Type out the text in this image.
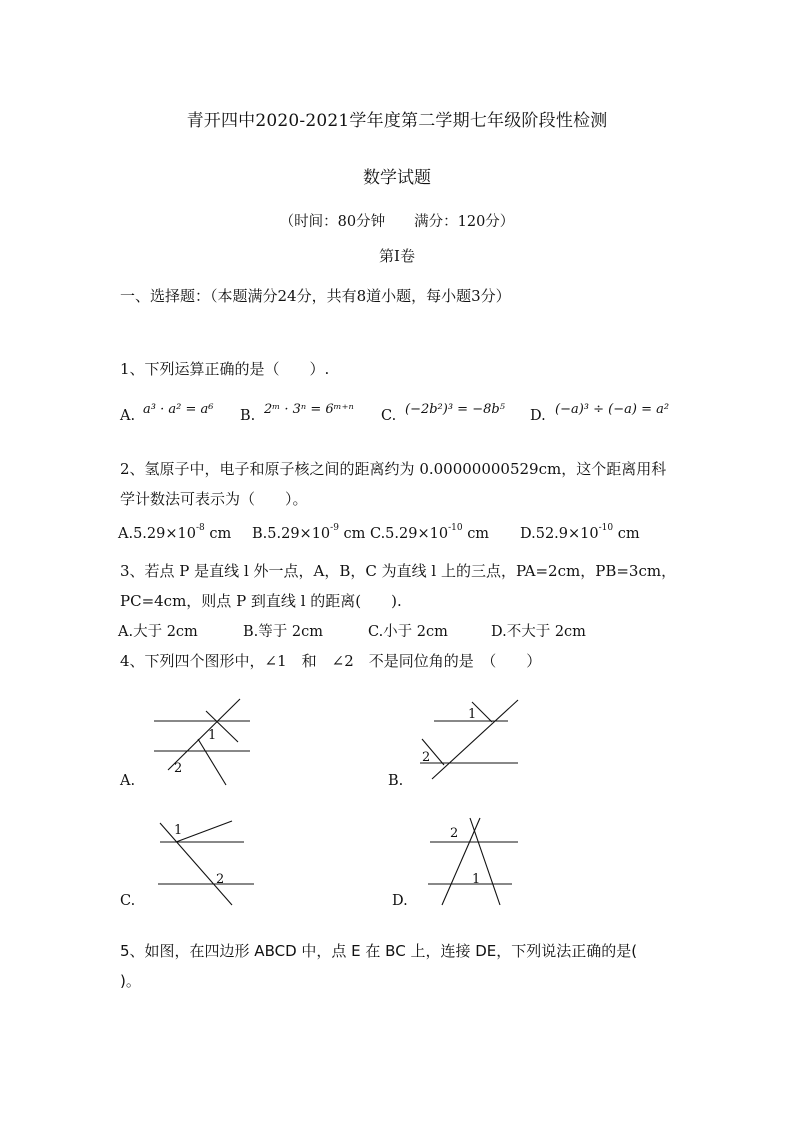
青开四中2020-2021学年度第二学期七年级阶段性检测
数学试题
（时间：80分钟　　满分：120分）
第Ⅰ卷
一、选择题：（本题满分24分，共有8道小题，每小题3分）
1、下列运算正确的是（　　）.
A. a³ · a² = a⁶ B. 2ᵐ · 3ⁿ = 6ᵐ⁺ⁿ C. (−2b²)³ = −8b⁵ D. (−a)³ ÷ (−a) = a²
2、氢原子中，电子和原子核之间的距离约为 0.00000000529cm，这个距离用科
学计数法可表示为（　　）。
$A.5.29\times 10^{-8}$ cm $B.5.29\times 10^{-9}$ cm $C.5.29\times 10^{-10}$ cm $D.52.9\times 10^{-10}$ cm
3、若点 P 是直线 l 外一点，A，B，C 为直线 l 上的三点，PA=2cm，PB=3cm，
PC=4cm，则点 P 到直线 l 的距离(　　).
A.大于 2cm	B.等于 2cm	C.小于 2cm	D.不大于 2cm
4、下列四个图形中，∠1　和　∠2　不是同位角的是　（　　）
1
2
A.
1
2
B.
1
2
C.
2
1
D.
5、如图，在四边形 ABCD 中，点 E 在 BC 上，连接 DE，下列说法正确的是(
)。
